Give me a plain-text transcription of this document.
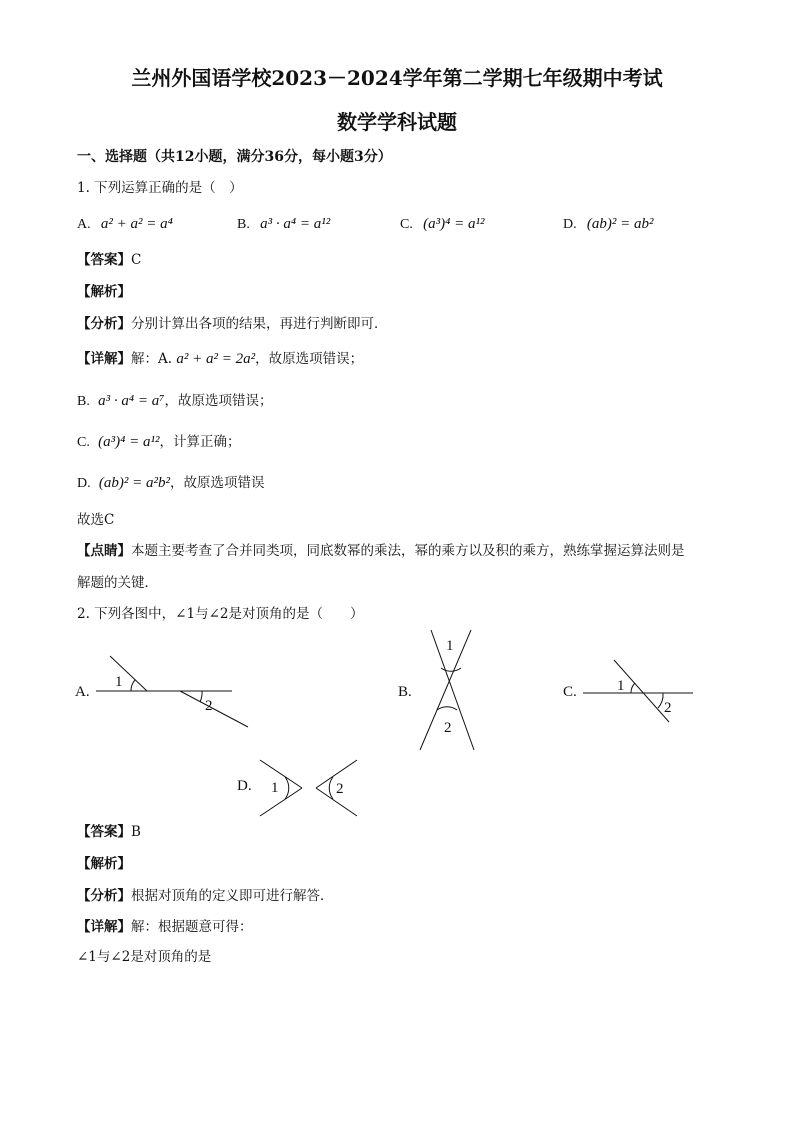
兰州外国语学校2023－2024学年第二学期七年级期中考试
数学学科试题
一、选择题（共12小题，满分36分，每小题3分）
1. 下列运算正确的是（　）
A. a² + a² = a⁴	B. a³ · a⁴ = a¹²	C. (a³)⁴ = a¹²	D. (ab)² = ab²
【答案】C
【解析】
【分析】分别计算出各项的结果，再进行判断即可．
【详解】解：A. a² + a² = 2a²，故原选项错误；
B. a³ · a⁴ = a⁷，故原选项错误；
C. (a³)⁴ = a¹²，计算正确；
D. (ab)² = a²b²，故原选项错误
故选C
【点睛】本题主要考查了合并同类项，同底数幂的乘法，幂的乘方以及积的乘方，熟练掌握运算法则是
解题的关键．
2. 下列各图中，∠1与∠2是对顶角的是（　　）
A.
1
2
B.
1
2
C.	1
2
D. 1	2
【答案】B
【解析】
【分析】根据对顶角的定义即可进行解答．
【详解】解：根据题意可得：
∠1与∠2是对顶角的是
